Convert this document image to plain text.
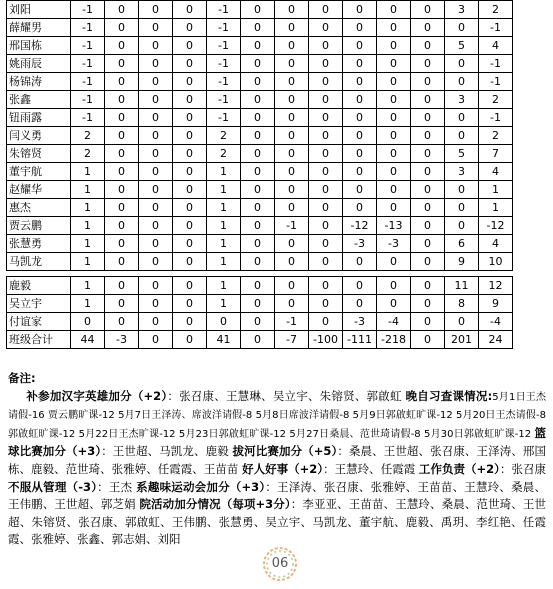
刘阳	-1	0	0	0	-1	0	0	0	0	0	0	3	2
薛耀男	-1	0	0	0	-1	0	0	0	0	0	0	0	-1
邢国栋	-1	0	0	0	-1	0	0	0	0	0	0	5	4
姚雨辰	-1	0	0	0	-1	0	0	0	0	0	0	0	-1
杨锦涛	-1	0	0	0	-1	0	0	0	0	0	0	0	-1
张鑫	-1	0	0	0	-1	0	0	0	0	0	0	3	2
钮雨露	-1	0	0	0	-1	0	0	0	0	0	0	0	-1
闫义勇	2	0	0	0	2	0	0	0	0	0	0	0	2
朱镕贤	2	0	0	0	2	0	0	0	0	0	0	5	7
董宇航	1	0	0	0	1	0	0	0	0	0	0	3	4
赵耀华	1	0	0	0	1	0	0	0	0	0	0	0	1
惠杰	1	0	0	0	1	0	0	0	0	0	0	0	1
贾云鹏	1	0	0	0	1	0	-1	0	-12	-13	0	0	-12
张慧勇	1	0	0	0	1	0	0	0	-3	-3	0	6	4
马凯龙	1	0	0	0	1	0	0	0	0	0	0	9	10

鹿毅	1	0	0	0	1	0	0	0	0	0	0	11	12
吴立宇	1	0	0	0	1	0	0	0	0	0	0	8	9
付谊家	0	0	0	0	0	0	-1	0	-3	-4	0	0	-4
班级合计	44	-3	0	0	41	0	-7	-100	-111	-218	0	201	24
备注:
补参加汉字英雄加分（+2）：张召康、王慧琳、吴立宇、朱镕贤、郭啟虹 晚自习查课情况:5月1日王杰请假-16 贾云鹏旷课-12 5月7日王泽涛、席波洋请假-8 5月8日席波洋请假-8 5月9日郭啟虹旷课-12 5月20日王杰请假-8 郭啟虹旷课-12 5月22日王杰旷课-12 5月23日郭啟虹旷课-12 5月27日桑晨、范世琦请假-8 5月30日郭啟虹旷课-12 篮球比赛加分（+3）：王世超、马凯龙、鹿毅 拔河比赛加分（+5）：桑晨、王世超、张召康、王泽涛、邢国栋、鹿毅、范世琦、张雅婷、任霞霞、王苗苗 好人好事（+2）：王慧玲、任霞霞 工作负责（+2）：张召康 不服从管理（-3）：王杰 系趣味运动会加分（+3）：王泽涛、张召康、张雅婷、王苗苗、王慧玲、桑晨、王伟鹏、王世超、郭芝娟 院活动加分情况（每项+3分）：李亚亚、王苗苗、王慧玲、桑晨、范世琦、王世超、朱镕贤、张召康、郭啟虹、王伟鹏、张慧勇、吴立宇、马凯龙、董宇航、鹿毅、禹玥、李红艳、任霞霞、张雅婷、张鑫、郭志娟、刘阳
06
